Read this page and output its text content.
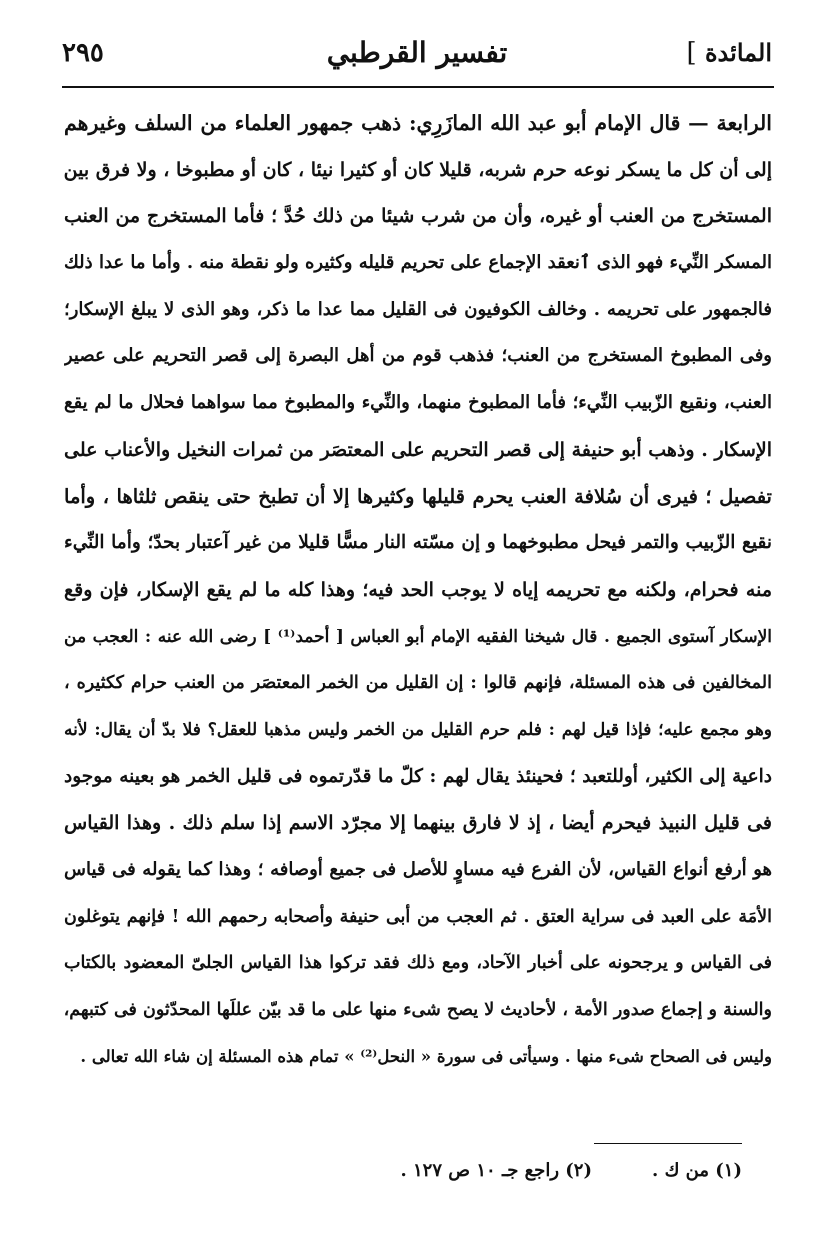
المائدة ]
تفسير القرطبي
٢٩٥
الرابعة — قال الإمام أبو عبد الله المازَرِي: ذهب جمهور العلماء من السلف وغيرهم
إلى أن كل ما يسكر نوعه حرم شربه، قليلا كان أو كثيرا نيئا ، كان أو مطبوخا ، ولا فرق بين
المستخرج من العنب أو غيره، وأن من شرب شيئا من ذلك حُدَّ ؛ فأما المستخرج من العنب
المسكر النِّيء فهو الذى ٱنعقد الإجماع على تحريم قليله وكثيره ولو نقطة منه . وأما ما عدا ذلك
فالجمهور على تحريمه . وخالف الكوفيون فى القليل مما عدا ما ذكر، وهو الذى لا يبلغ الإسكار؛
وفى المطبوخ المستخرج من العنب؛ فذهب قوم من أهل البصرة إلى قصر التحريم على عصير
العنب، ونقيع الزّبيب النِّيء؛ فأما المطبوخ منهما، والنِّيء والمطبوخ مما سواهما فحلال ما لم يقع
الإسكار . وذهب أبو حنيفة إلى قصر التحريم على المعتصَر من ثمرات النخيل والأعناب على
تفصيل ؛ فيرى أن سُلافة العنب يحرم قليلها وكثيرها إلا أن تطبخ حتى ينقص ثلثاها ، وأما
نقيع الزّبيب والتمر فيحل مطبوخهما و إن مسّته النار مسًّا قليلا من غير آعتبار بحدّ؛ وأما النِّيء
منه فحرام، ولكنه مع تحريمه إياه لا يوجب الحد فيه؛ وهذا كله ما لم يقع الإسكار، فإن وقع
الإسكار آستوى الجميع . قال شيخنا الفقيه الإمام أبو العباس [ أحمد⁽¹⁾ ] رضى الله عنه : العجب من
المخالفين فى هذه المسئلة، فإنهم قالوا : إن القليل من الخمر المعتصَر من العنب حرام ككثيره ،
وهو مجمع عليه؛ فإذا قيل لهم : فلم حرم القليل من الخمر وليس مذهبا للعقل؟ فلا بدّ أن يقال: لأنه
داعية إلى الكثير، أوللتعبد ؛ فحينئذ يقال لهم : كلّ ما قدّرتموه فى قليل الخمر هو بعينه موجود
فى قليل النبيذ فيحرم أيضا ، إذ لا فارق بينهما إلا مجرّد الاسم إذا سلم ذلك . وهذا القياس
هو أرفع أنواع القياس، لأن الفرع فيه مساوٍ للأصل فى جميع أوصافه ؛ وهذا كما يقوله فى قياس
الأمَة على العبد فى سراية العتق . ثم العجب من أبى حنيفة وأصحابه رحمهم الله ! فإنهم يتوغلون
فى القياس و يرجحونه على أخبار الآحاد، ومع ذلك فقد تركوا هذا القياس الجلىّ المعضود بالكتاب
والسنة و إجماع صدور الأمة ، لأحاديث لا يصح شىء منها على ما قد بيّن عللَها المحدّثون فى كتبهم،
وليس فى الصحاح شىء منها . وسيأتى فى سورة « النحل⁽²⁾ » تمام هذه المسئلة إن شاء الله تعالى .
(١) من ك .
(٢) راجع جـ ١٠ ص ١٢٧ .
